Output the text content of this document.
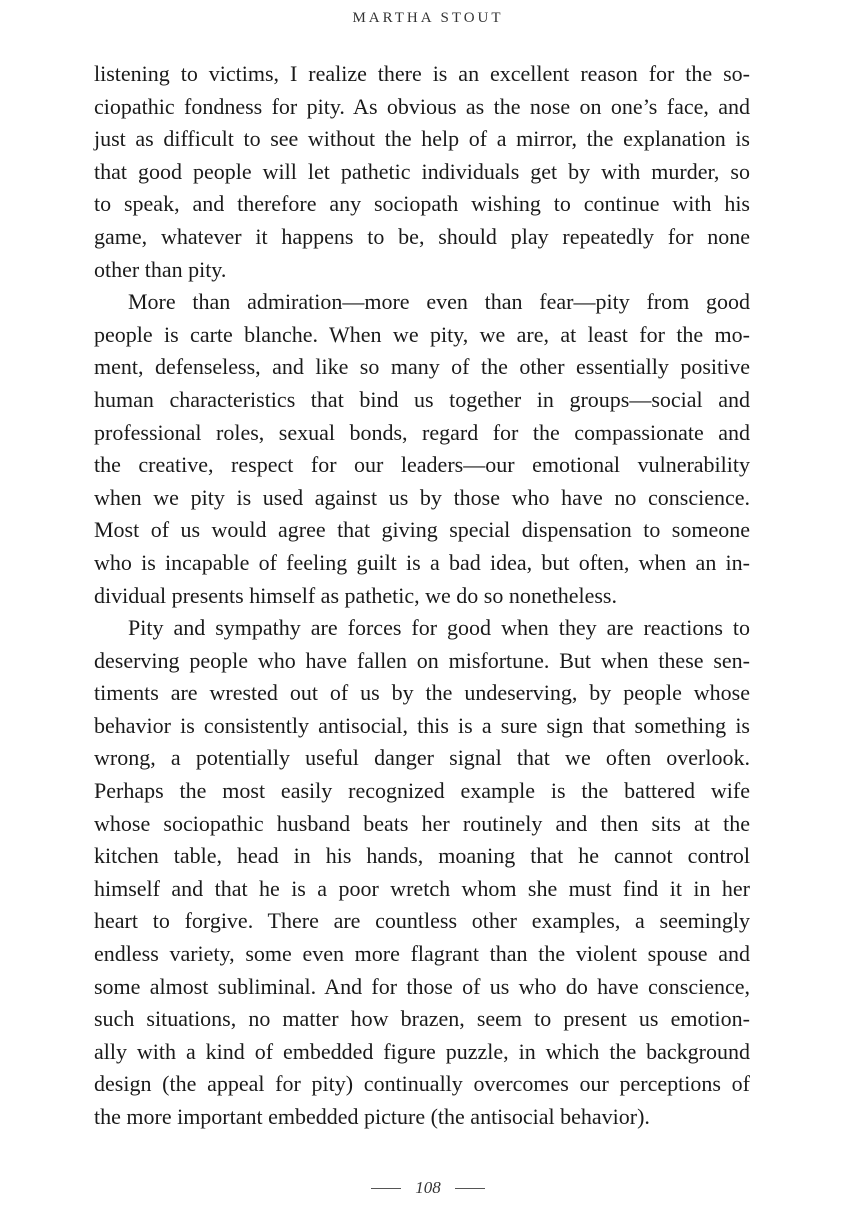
MARTHA STOUT
listening to victims, I realize there is an excellent reason for the so-
ciopathic fondness for pity. As obvious as the nose on one’s face, and
just as difficult to see without the help of a mirror, the explanation is
that good people will let pathetic individuals get by with murder, so
to speak, and therefore any sociopath wishing to continue with his
game, whatever it happens to be, should play repeatedly for none
other than pity.
More than admiration—more even than fear—pity from good
people is carte blanche. When we pity, we are, at least for the mo-
ment, defenseless, and like so many of the other essentially positive
human characteristics that bind us together in groups—social and
professional roles, sexual bonds, regard for the compassionate and
the creative, respect for our leaders—our emotional vulnerability
when we pity is used against us by those who have no conscience.
Most of us would agree that giving special dispensation to someone
who is incapable of feeling guilt is a bad idea, but often, when an in-
dividual presents himself as pathetic, we do so nonetheless.
Pity and sympathy are forces for good when they are reactions to
deserving people who have fallen on misfortune. But when these sen-
timents are wrested out of us by the undeserving, by people whose
behavior is consistently antisocial, this is a sure sign that something is
wrong, a potentially useful danger signal that we often overlook.
Perhaps the most easily recognized example is the battered wife
whose sociopathic husband beats her routinely and then sits at the
kitchen table, head in his hands, moaning that he cannot control
himself and that he is a poor wretch whom she must find it in her
heart to forgive. There are countless other examples, a seemingly
endless variety, some even more flagrant than the violent spouse and
some almost subliminal. And for those of us who do have conscience,
such situations, no matter how brazen, seem to present us emotion-
ally with a kind of embedded figure puzzle, in which the background
design (the appeal for pity) continually overcomes our perceptions of
the more important embedded picture (the antisocial behavior).
108
